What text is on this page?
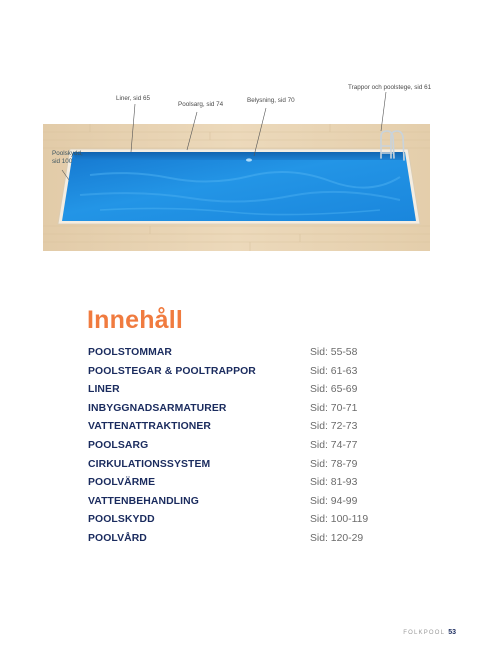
Liner, sid 65
Poolsarg, sid 74
Belysning, sid 70
Trappor och poolstege, sid 61
Poolskydd,
sid 100
Innehåll
POOLSTOMMAR	Sid: 55-58
POOLSTEGAR & POOLTRAPPOR	Sid: 61-63
LINER	Sid: 65-69
INBYGGNADSARMATURER	Sid: 70-71
VATTENATTRAKTIONER	Sid: 72-73
POOLSARG	Sid: 74-77
CIRKULATIONSSYSTEM	Sid: 78-79
POOLVÄRME	Sid: 81-93
VATTENBEHANDLING	Sid: 94-99
POOLSKYDD	Sid: 100-119
POOLVÅRD	Sid: 120-29
FOLKPOOL 53
